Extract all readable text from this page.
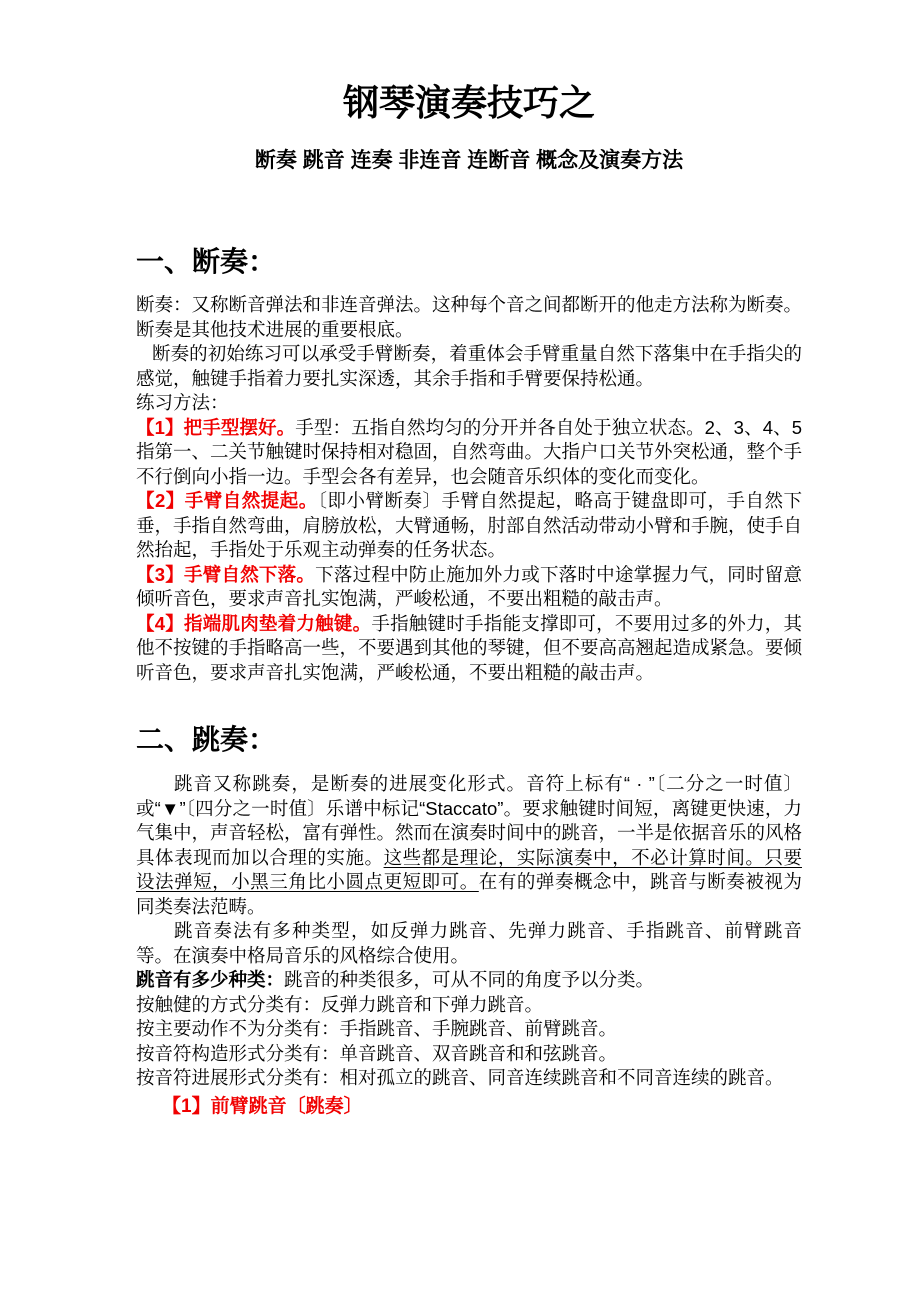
钢琴演奏技巧之
断奏 跳音 连奏 非连音 连断音 概念及演奏方法
一、断奏：

断奏：又称断音弹法和非连音弹法。这种每个音之间都断开的他走方法称为断奏。断奏是其他技术进展的重要根底。

断奏的初始练习可以承受手臂断奏，着重体会手臂重量自然下落集中在手指尖的感觉，触键手指着力要扎实深透，其余手指和手臂要保持松通。

练习方法：

【1】把手型摆好。手型：五指自然均匀的分开并各自处于独立状态。2、3、4、5 指第一、二关节触键时保持相对稳固，自然弯曲。大指户口关节外突松通，整个手不行倒向小指一边。手型会各有差异，也会随音乐织体的变化而变化。

【2】手臂自然提起。〔即小臂断奏〕手臂自然提起，略高于键盘即可，手自然下垂，手指自然弯曲，肩膀放松，大臂通畅，肘部自然活动带动小臂和手腕，使手自然抬起，手指处于乐观主动弹奏的任务状态。

【3】手臂自然下落。下落过程中防止施加外力或下落时中途掌握力气，同时留意倾听音色，要求声音扎实饱满，严峻松通，不要出粗糙的敲击声。

【4】指端肌肉垫着力触键。手指触键时手指能支撑即可，不要用过多的外力，其他不按键的手指略高一些，不要遇到其他的琴键，但不要高高翘起造成紧急。要倾听音色，要求声音扎实饱满，严峻松通，不要出粗糙的敲击声。

二、跳奏：

跳音又称跳奏，是断奏的进展变化形式。音符上标有“ · ”〔二分之一时值〕或“▼”〔四分之一时值〕乐谱中标记“Staccato”。要求触键时间短，离键更快速，力气集中，声音轻松，富有弹性。然而在演奏时间中的跳音，一半是依据音乐的风格具体表现而加以合理的实施。这些都是理论，实际演奏中，不必计算时间。只要设法弹短，小黑三角比小圆点更短即可。在有的弹奏概念中，跳音与断奏被视为同类奏法范畴。

跳音奏法有多种类型，如反弹力跳音、先弹力跳音、手指跳音、前臂跳音等。在演奏中格局音乐的风格综合使用。

跳音有多少种类：跳音的种类很多，可从不同的角度予以分类。

按触健的方式分类有：反弹力跳音和下弹力跳音。

按主要动作不为分类有：手指跳音、手腕跳音、前臂跳音。

按音符构造形式分类有：单音跳音、双音跳音和和弦跳音。

按音符进展形式分类有：相对孤立的跳音、同音连续跳音和不同音连续的跳音。

【1】前臂跳音〔跳奏〕
